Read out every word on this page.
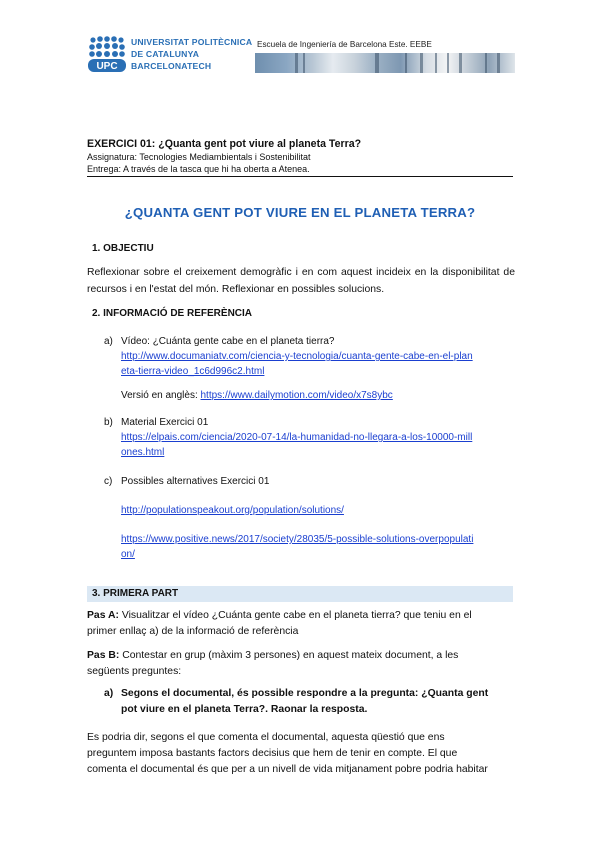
UPC
UNIVERSITAT POLITÈCNICA
DE CATALUNYA
BARCELONATECH
Escuela de Ingeniería de Barcelona Este. EEBE
EXERCICI 01: ¿Quanta gent pot viure al planeta Terra?
Assignatura: Tecnologies Mediambientals i Sostenibilitat
Entrega: A través de la tasca que hi ha oberta a Atenea.
¿QUANTA GENT POT VIURE EN EL PLANETA TERRA?
1. OBJECTIU
Reflexionar sobre el creixement demogràfic i en com aquest incideix en la disponibilitat de recursos i en l'estat del món. Reflexionar en possibles solucions.
2. INFORMACIÓ DE REFERÈNCIA
a) Vídeo: ¿Cuánta gente cabe en el planeta tierra?
http://www.documaniatv.com/ciencia-y-tecnologia/cuanta-gente-cabe-en-el-plan
eta-tierra-video_1c6d996c2.html
Versió en anglès: https://www.dailymotion.com/video/x7s8ybc
b) Material Exercici 01
https://elpais.com/ciencia/2020-07-14/la-humanidad-no-llegara-a-los-10000-mill
ones.html
c) Possibles alternatives Exercici 01
http://populationspeakout.org/population/solutions/
https://www.positive.news/2017/society/28035/5-possible-solutions-overpopulati
on/
3. PRIMERA PART
Pas A: Visualitzar el vídeo ¿Cuánta gente cabe en el planeta tierra? que teniu en el
primer enllaç a) de la informació de referència
Pas B: Contestar en grup (màxim 3 persones) en aquest mateix document, a les
següents preguntes:
a) Segons el documental, és possible respondre a la pregunta: ¿Quanta gent
pot viure en el planeta Terra?. Raonar la resposta.
Es podria dir, segons el que comenta el documental, aquesta qüestió que ens
preguntem imposa bastants factors decisius que hem de tenir en compte. El que
comenta el documental és que per a un nivell de vida mitjanament pobre podria habitar
